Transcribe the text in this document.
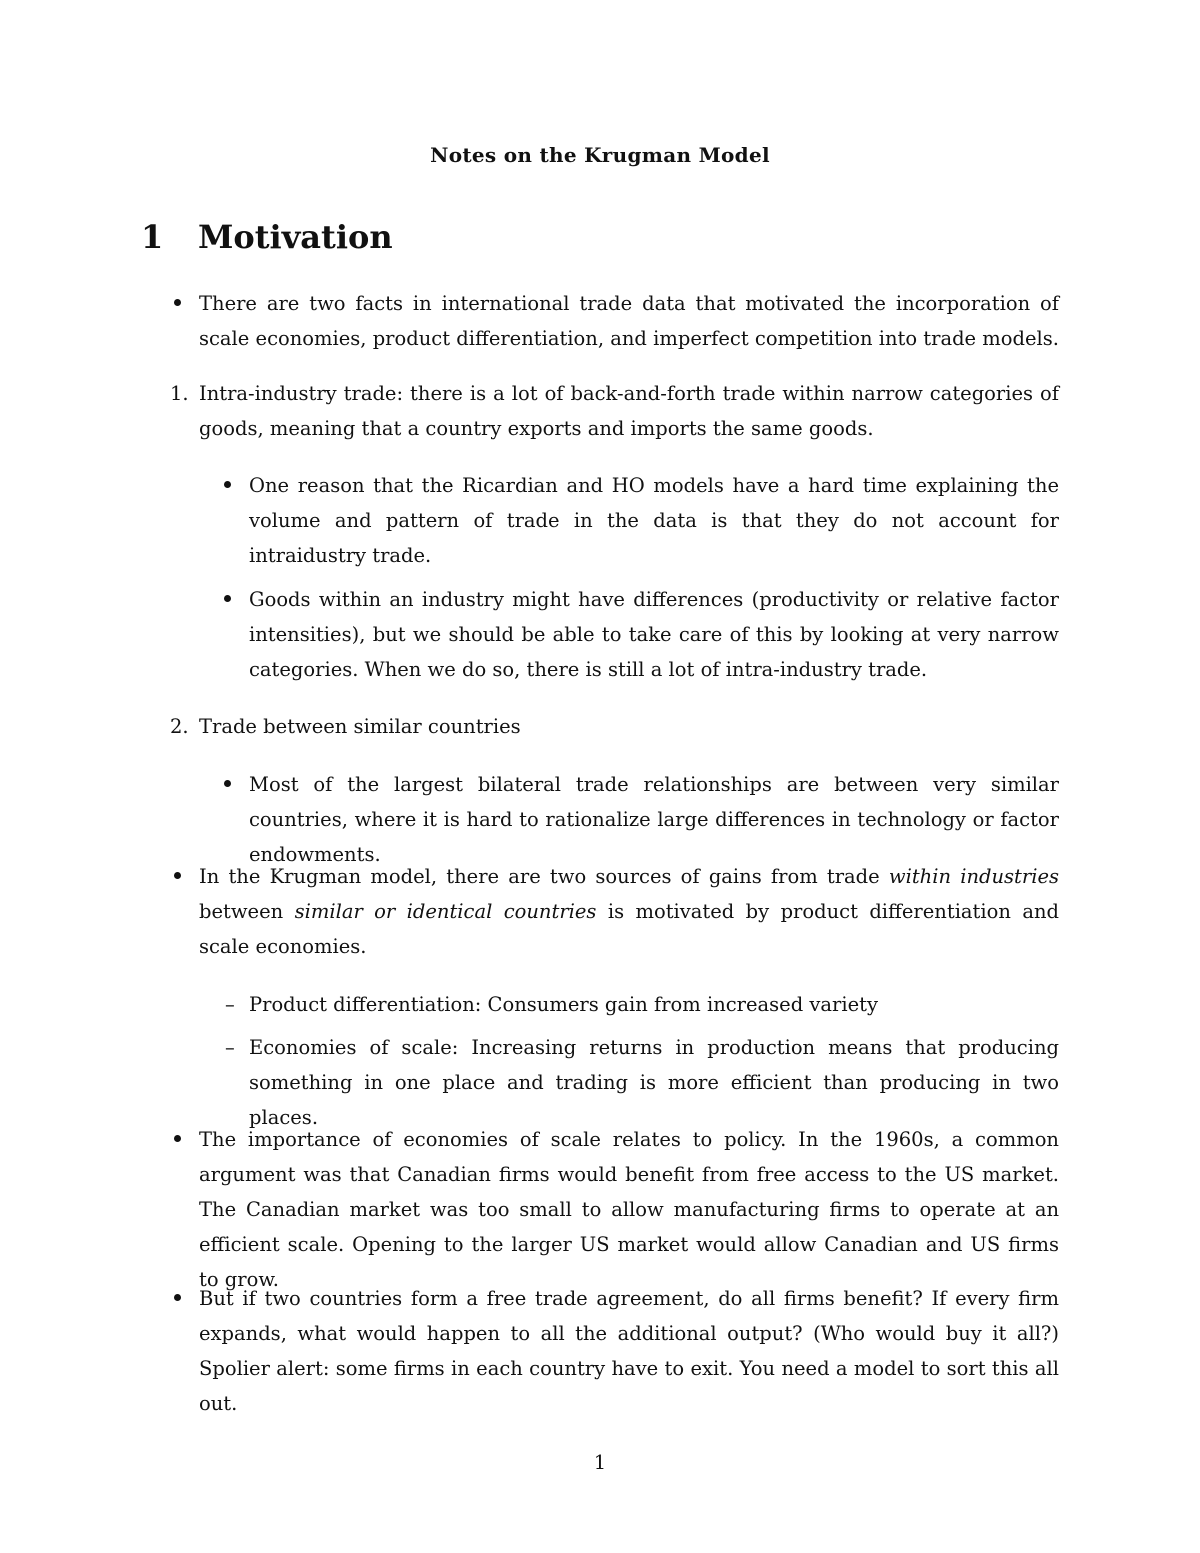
Notes on the Krugman Model
1 Motivation
There are two facts in international trade data that motivated the incorporation of scale economies, product differentiation, and imperfect competition into trade models.
1. Intra-industry trade: there is a lot of back-and-forth trade within narrow categories of goods, meaning that a country exports and imports the same goods.
One reason that the Ricardian and HO models have a hard time explaining the volume and pattern of trade in the data is that they do not account for intraidustry trade.
Goods within an industry might have differences (productivity or relative factor intensities), but we should be able to take care of this by looking at very narrow categories. When we do so, there is still a lot of intra-industry trade.
2. Trade between similar countries
Most of the largest bilateral trade relationships are between very similar countries, where it is hard to rationalize large differences in technology or factor endowments.
In the Krugman model, there are two sources of gains from trade within industries between similar or identical countries is motivated by product differentiation and scale economies.
– Product differentiation: Consumers gain from increased variety
– Economies of scale: Increasing returns in production means that producing something in one place and trading is more efficient than producing in two places.
The importance of economies of scale relates to policy. In the 1960s, a common argument was that Canadian firms would benefit from free access to the US market. The Canadian market was too small to allow manufacturing firms to operate at an efficient scale. Opening to the larger US market would allow Canadian and US firms to grow.
But if two countries form a free trade agreement, do all firms benefit? If every firm expands, what would happen to all the additional output? (Who would buy it all?) Spolier alert: some firms in each country have to exit. You need a model to sort this all out.
1
